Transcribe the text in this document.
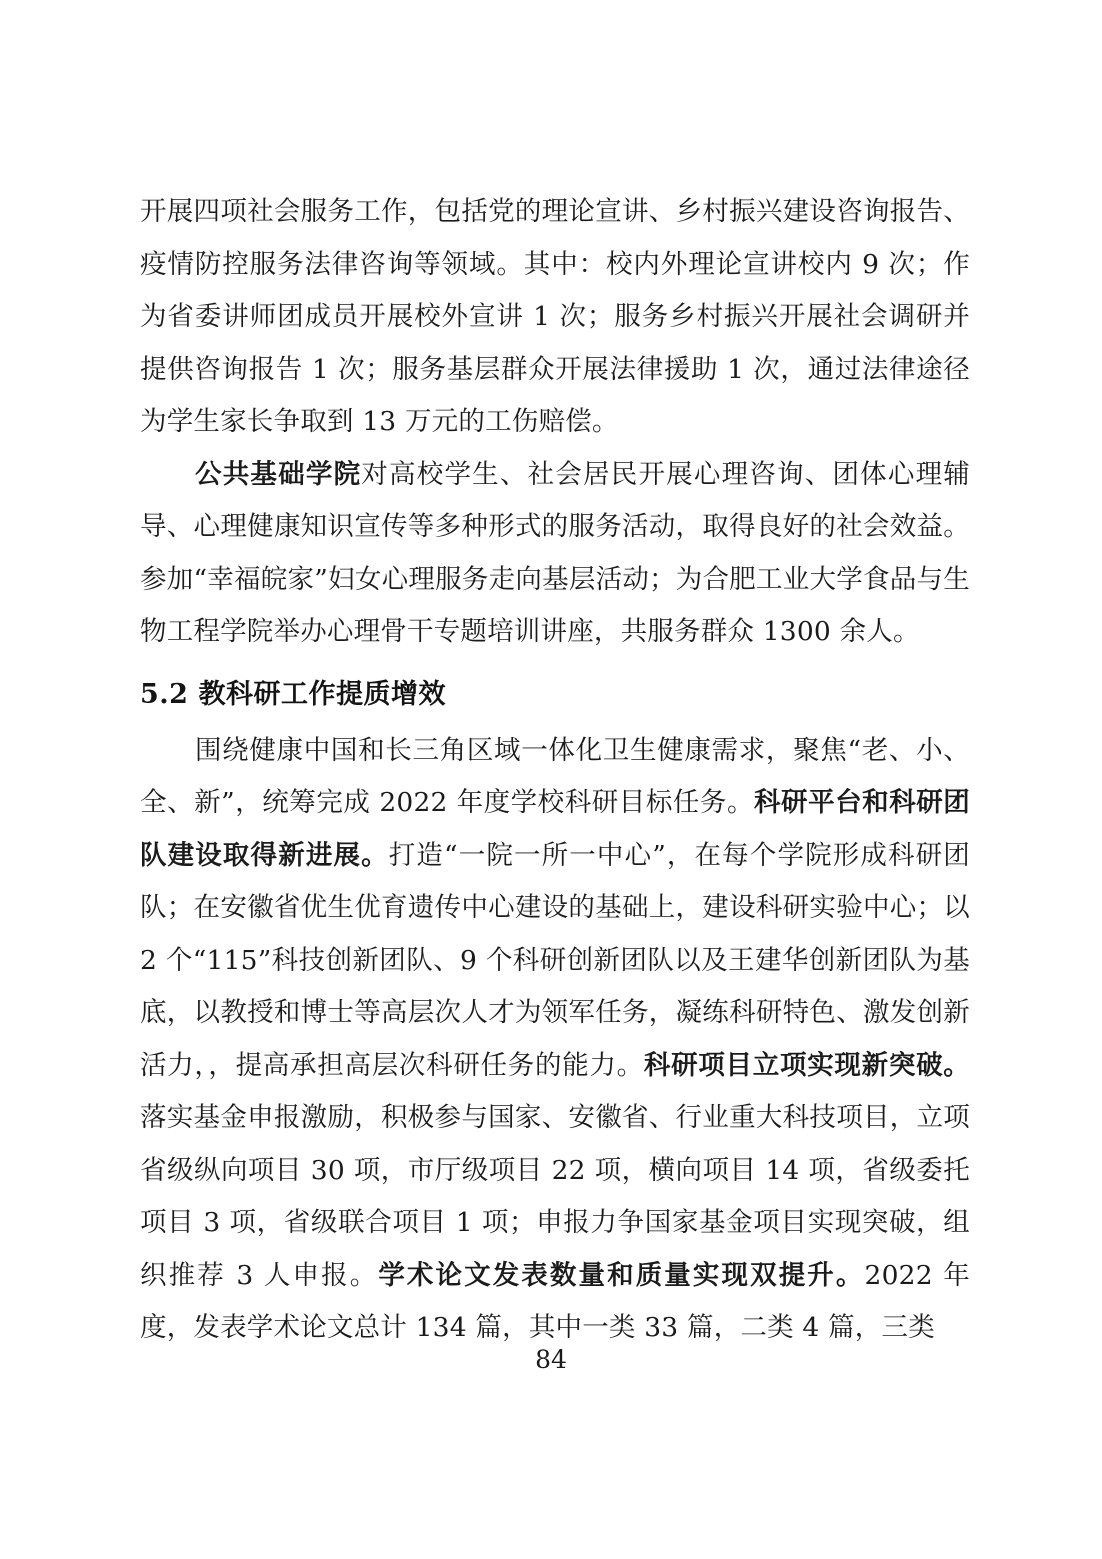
开展四项社会服务工作，包括党的理论宣讲、乡村振兴建设咨询报告、疫情防控服务法律咨询等领域。其中：校内外理论宣讲校内 9 次；作为省委讲师团成员开展校外宣讲 1 次；服务乡村振兴开展社会调研并提供咨询报告 1 次；服务基层群众开展法律援助 1 次，通过法律途径为学生家长争取到 13 万元的工伤赔偿。

公共基础学院对高校学生、社会居民开展心理咨询、团体心理辅导、心理健康知识宣传等多种形式的服务活动，取得良好的社会效益。参加“幸福皖家”妇女心理服务走向基层活动；为合肥工业大学食品与生物工程学院举办心理骨干专题培训讲座，共服务群众 1300 余人。

5.2 教科研工作提质增效

围绕健康中国和长三角区域一体化卫生健康需求，聚焦“老、小、全、新”，统筹完成 2022 年度学校科研目标任务。科研平台和科研团队建设取得新进展。打造“一院一所一中心”，在每个学院形成科研团队；在安徽省优生优育遗传中心建设的基础上，建设科研实验中心；以 2 个“115”科技创新团队、9 个科研创新团队以及王建华创新团队为基底，以教授和博士等高层次人才为领军任务，凝练科研特色、激发创新活力，，提高承担高层次科研任务的能力。科研项目立项实现新突破。落实基金申报激励，积极参与国家、安徽省、行业重大科技项目，立项省级纵向项目 30 项，市厅级项目 22 项，横向项目 14 项，省级委托项目 3 项，省级联合项目 1 项；申报力争国家基金项目实现突破，组织推荐 3 人申报。学术论文发表数量和质量实现双提升。2022 年度，发表学术论文总计 134 篇，其中一类 33 篇，二类 4 篇，三类

84
